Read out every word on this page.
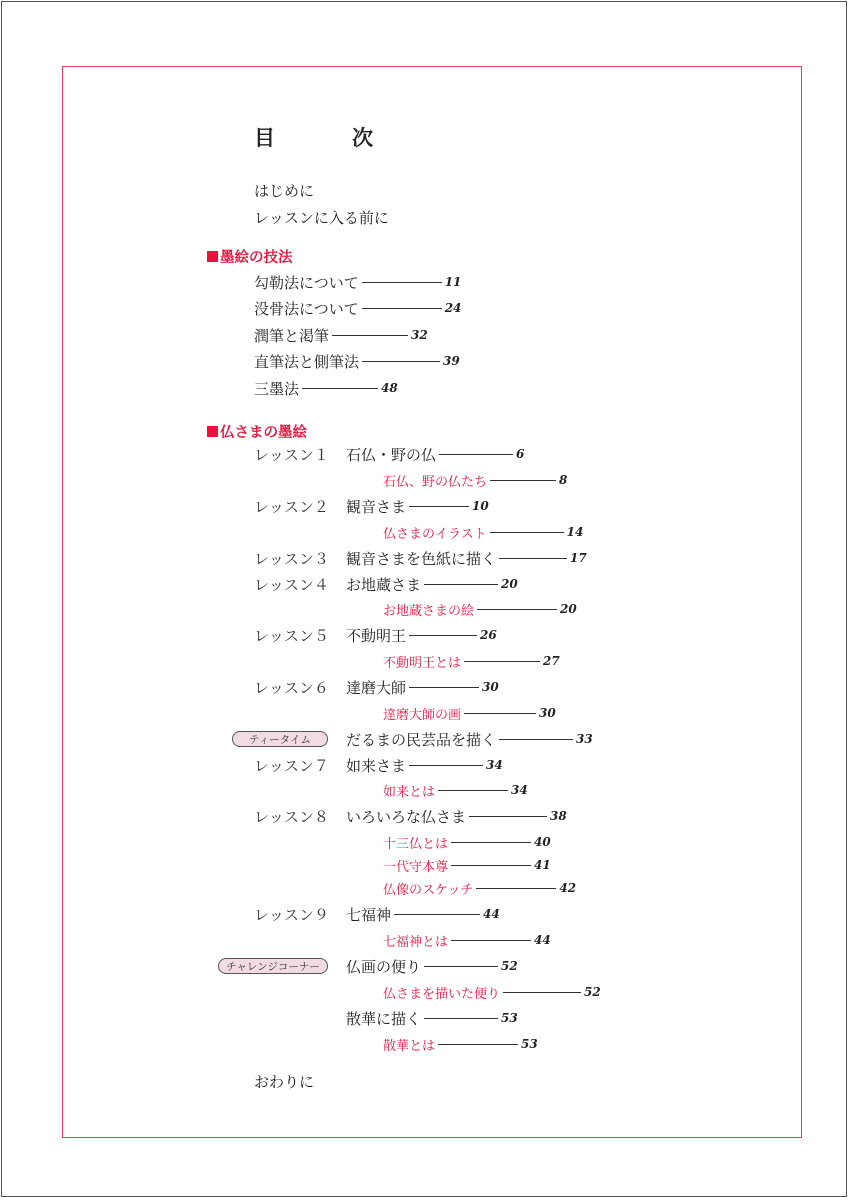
目　次
はじめに
レッスンに入る前に
墨絵の技法
勾勒法について	11
没骨法について	24
潤筆と渇筆	32
直筆法と側筆法	39
三墨法	48
仏さまの墨絵
レッスン１ 石仏・野の仏	6
石仏、野の仏たち	8
レッスン２ 観音さま	10
仏さまのイラスト	14
レッスン３ 観音さまを色紙に描く	17
レッスン４ お地蔵さま	20
お地蔵さまの絵	20
レッスン５ 不動明王	26
不動明王とは	27
レッスン６ 達磨大師	30
達磨大師の画	30
ティータイム	だるまの民芸品を描く	33
レッスン７ 如来さま	34
如来とは	34
レッスン８ いろいろな仏さま	38
十三仏とは	40
一代守本尊	41
仏像のスケッチ	42
レッスン９ 七福神	44
七福神とは	44
チャレンジコーナー	仏画の便り	52
仏さまを描いた便り	52
散華に描く	53
散華とは	53
おわりに
